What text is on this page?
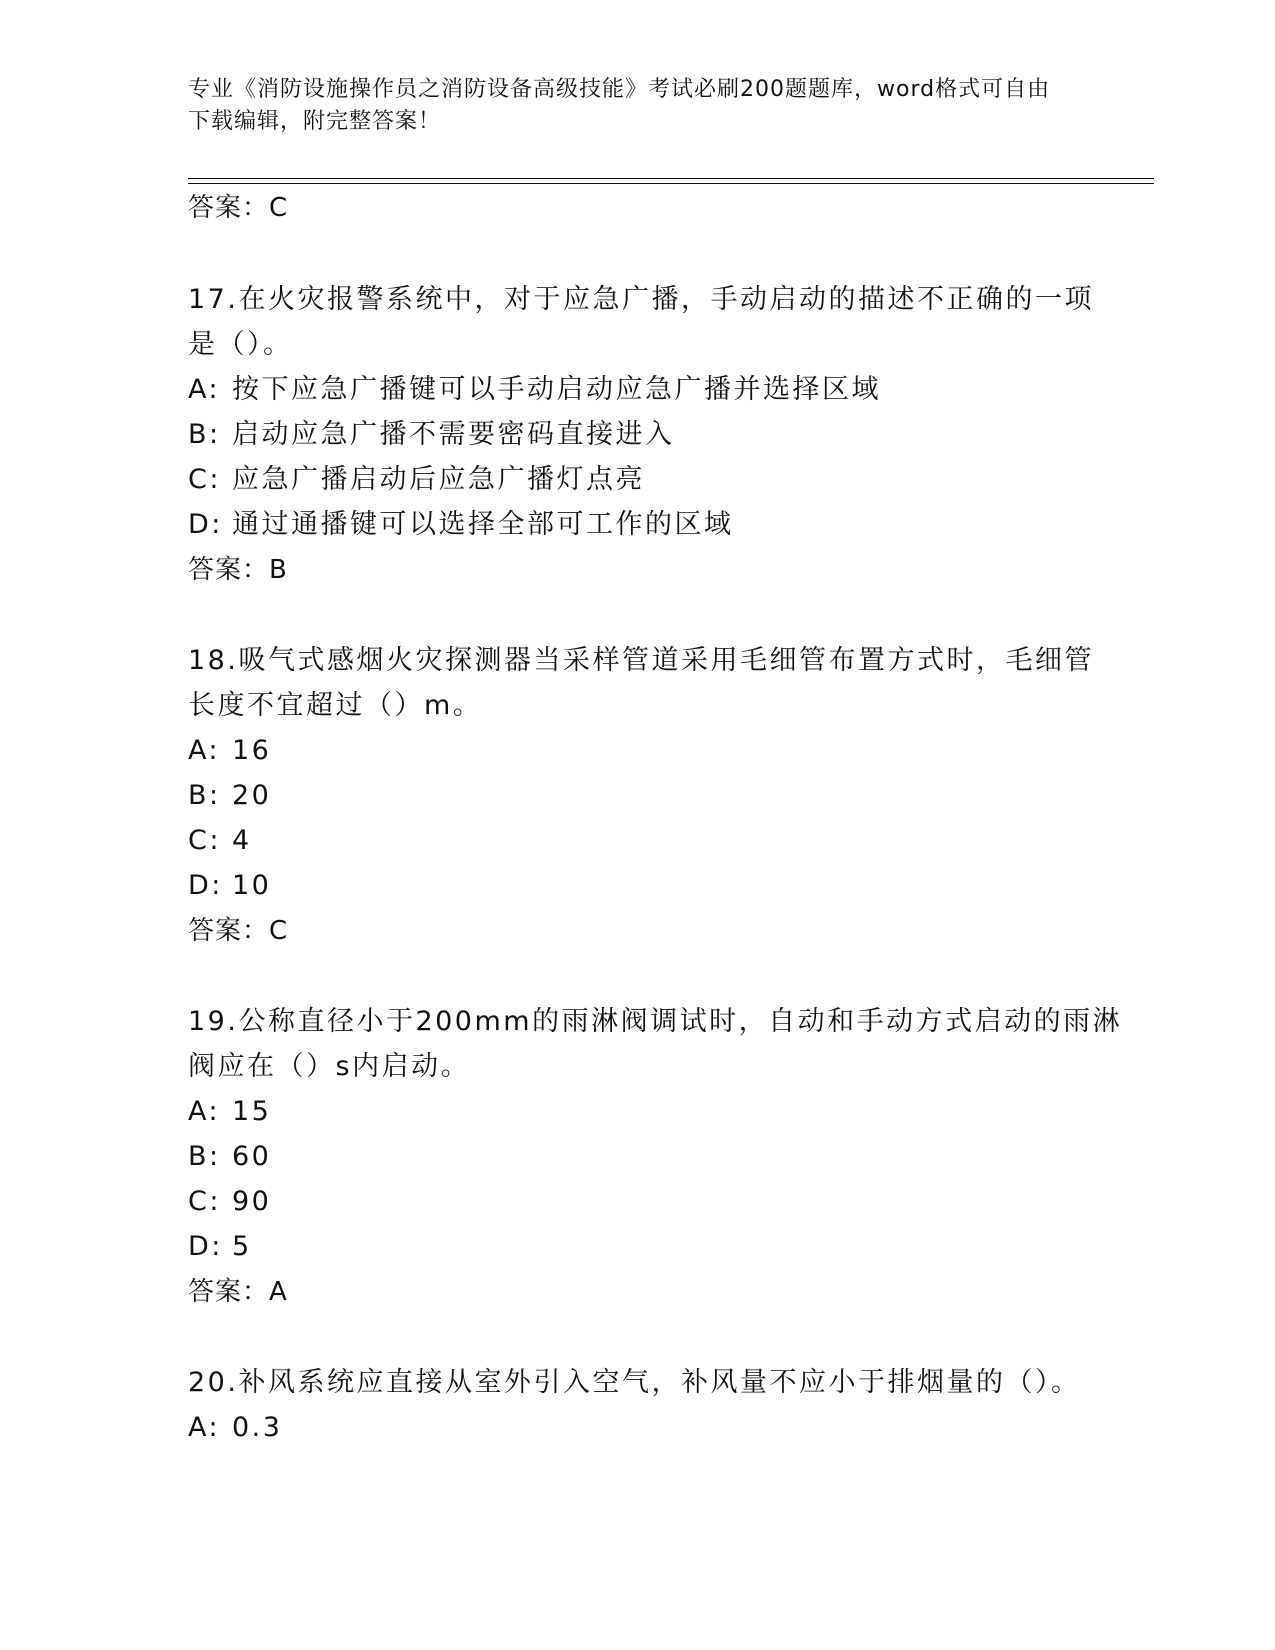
专业《消防设施操作员之消防设备高级技能》考试必刷200题题库，word格式可自由下载编辑，附完整答案！
答案：C
17.在火灾报警系统中，对于应急广播，手动启动的描述不正确的一项
是（）。
A: 按下应急广播键可以手动启动应急广播并选择区域
B: 启动应急广播不需要密码直接进入
C: 应急广播启动后应急广播灯点亮
D: 通过通播键可以选择全部可工作的区域
答案：B
18.吸气式感烟火灾探测器当采样管道采用毛细管布置方式时，毛细管
长度不宜超过（）m。
A: 16
B: 20
C: 4
D: 10
答案：C
19.公称直径小于200mm的雨淋阀调试时，自动和手动方式启动的雨淋
阀应在（）s内启动。
A: 15
B: 60
C: 90
D: 5
答案：A
20.补风系统应直接从室外引入空气，补风量不应小于排烟量的（）。
A: 0.3
